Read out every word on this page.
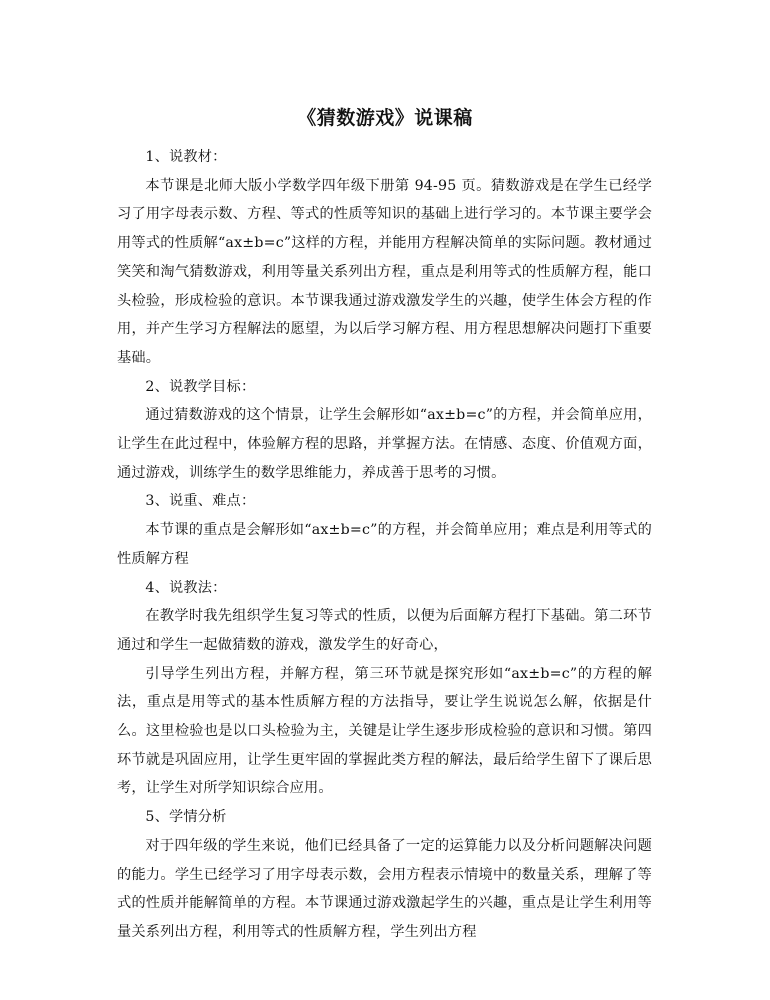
《猜数游戏》说课稿

1、说教材：

本节课是北师大版小学数学四年级下册第 94-95 页。猜数游戏是在学生已经学习了用字母表示数、方程、等式的性质等知识的基础上进行学习的。本节课主要学会用等式的性质解“ax±b=c”这样的方程，并能用方程解决简单的实际问题。教材通过笑笑和淘气猜数游戏，利用等量关系列出方程，重点是利用等式的性质解方程，能口头检验，形成检验的意识。本节课我通过游戏激发学生的兴趣，使学生体会方程的作用，并产生学习方程解法的愿望，为以后学习解方程、用方程思想解决问题打下重要基础。

2、说教学目标：

通过猜数游戏的这个情景，让学生会解形如“ax±b=c”的方程，并会简单应用，让学生在此过程中，体验解方程的思路，并掌握方法。在情感、态度、价值观方面，通过游戏，训练学生的数学思维能力，养成善于思考的习惯。

3、说重、难点：

本节课的重点是会解形如“ax±b=c”的方程，并会简单应用；难点是利用等式的性质解方程

4、说教法：

在教学时我先组织学生复习等式的性质，以便为后面解方程打下基础。第二环节通过和学生一起做猜数的游戏，激发学生的好奇心，

引导学生列出方程，并解方程，第三环节就是探究形如“ax±b=c”的方程的解法，重点是用等式的基本性质解方程的方法指导，要让学生说说怎么解，依据是什么。这里检验也是以口头检验为主，关键是让学生逐步形成检验的意识和习惯。第四环节就是巩固应用，让学生更牢固的掌握此类方程的解法，最后给学生留下了课后思考，让学生对所学知识综合应用。

5、学情分析

对于四年级的学生来说，他们已经具备了一定的运算能力以及分析问题解决问题的能力。学生已经学习了用字母表示数，会用方程表示情境中的数量关系，理解了等式的性质并能解简单的方程。本节课通过游戏激起学生的兴趣，重点是让学生利用等量关系列出方程，利用等式的性质解方程，学生列出方程
